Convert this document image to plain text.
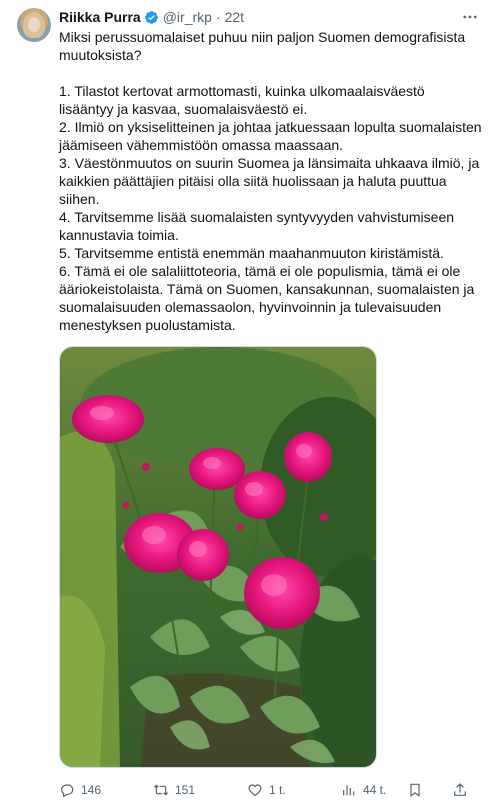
Riikka Purra @ir_rkp · 22t

Miksi perussuomalaiset puhuu niin paljon Suomen demografisista muutoksista?

1. Tilastot kertovat armottomasti, kuinka ulkomaalaisväestö lisääntyy ja kasvaa, suomalaisväestö ei.

2. Ilmiö on yksiselitteinen ja johtaa jatkuessaan lopulta suomalaisten jäämiseen vähemmistöön omassa maassaan.

3. Väestönmuutos on suurin Suomea ja länsimaita uhkaava ilmiö, ja kaikkien päättäjien pitäisi olla siitä huolissaan ja haluta puuttua siihen.

4. Tarvitsemme lisää suomalaisten syntyvyyden vahvistumiseen kannustavia toimia.

5. Tarvitsemme entistä enemmän maahanmuuton kiristämistä.

6. Tämä ei ole salaliittoteoria, tämä ei ole populismia, tämä ei ole ääriokeistolaista. Tämä on Suomen, kansakunnan, suomalaisten ja suomalaisuuden olemassaolon, hyvinvoinnin ja tulevaisuuden menestyksen puolustamista.

146	151	1 t.	44 t.
